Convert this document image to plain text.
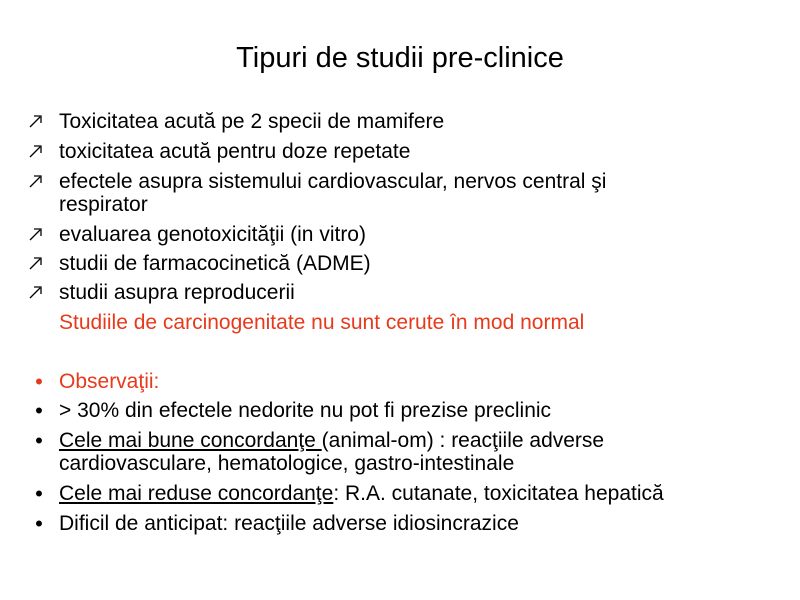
Tipuri de studii pre-clinice
Toxicitatea acută pe 2 specii de mamifere
toxicitatea acută pentru doze repetate
efectele asupra sistemului cardiovascular, nervos central şi
respirator
evaluarea genotoxicităţii (in vitro)
studii de farmacocinetică (ADME)
studii asupra reproducerii
Studiile de carcinogenitate nu sunt cerute în mod normal
• Observaţii:
• > 30% din efectele nedorite nu pot fi prezise preclinic
• Cele mai bune concordanţe (animal-om) : reacţiile adverse
cardiovasculare, hematologice, gastro-intestinale
• Cele mai reduse concordanţe: R.A. cutanate, toxicitatea hepatică
• Dificil de anticipat: reacţiile adverse idiosincrazice
